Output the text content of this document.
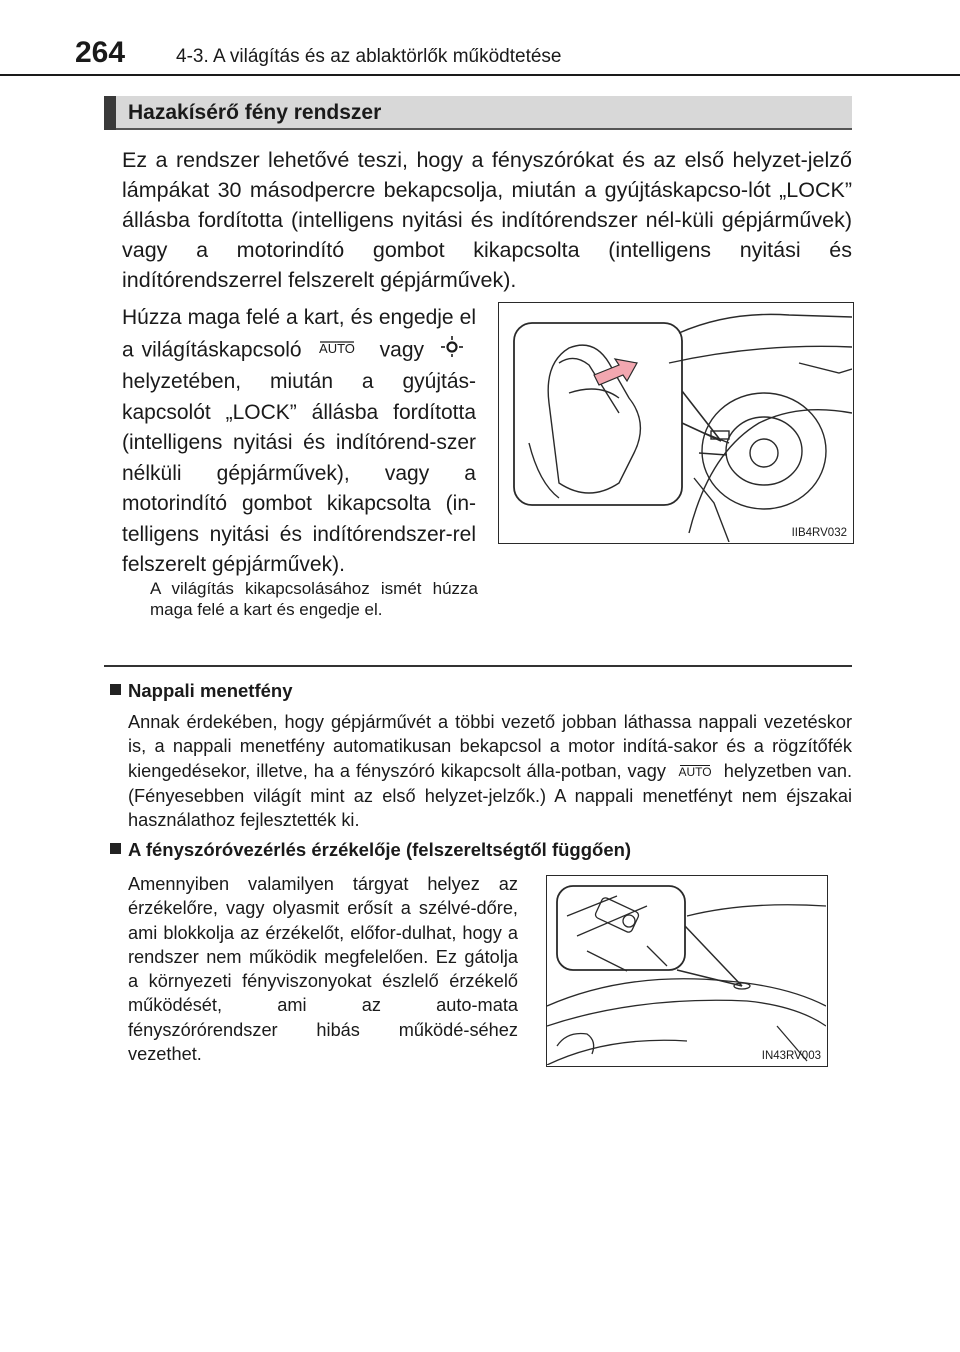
264	4-3. A világítás és az ablaktörlők működtetése
Hazakísérő fény rendszer

Ez a rendszer lehetővé teszi, hogy a fényszórókat és az első helyzet-jelző lámpákat 30 másodpercre bekapcsolja, miután a gyújtáskapcso-lót „LOCK” állásba fordította (intelligens nyitási és indítórendszer nél-küli gépjárművek) vagy a motorindító gombot kikapcsolta (intelligens nyitási és indítórendszerrel felszerelt gépjárművek).

Húzza maga felé a kart, és engedje el a világításkapcsoló AUTO vagy  helyzetében, miután a gyújtás-kapcsolót „LOCK” állásba fordította (intelligens nyitási és indítórend-szer nélküli gépjárművek), vagy a motorindító gombot kikapcsolta (in-telligens nyitási és indítórendszer-rel felszerelt gépjárművek).

A világítás kikapcsolásához ismét húzza maga felé a kart és engedje el.

IIB4RV032
Nappali menetfény

Annak érdekében, hogy gépjárművét a többi vezető jobban láthassa nappali vezetéskor is, a nappali menetfény automatikusan bekapcsol a motor indítá-sakor és a rögzítőfék kiengedésekor, illetve, ha a fényszóró kikapcsolt álla-potban, vagy AUTO helyzetben van. (Fényesebben világít mint az első helyzet-jelzők.) A nappali menetfényt nem éjszakai használathoz fejlesztették ki.

A fényszóróvezérlés érzékelője (felszereltségtől függően)

Amennyiben valamilyen tárgyat helyez az érzékelőre, vagy olyasmit erősít a szélvé-dőre, ami blokkolja az érzékelőt, előfor-dulhat, hogy a rendszer nem működik megfelelően. Ez gátolja a környezeti fényviszonyokat észlelő érzékelő működését, ami az auto-mata fényszórórendszer hibás működé-séhez vezethet.	IN43RV003
